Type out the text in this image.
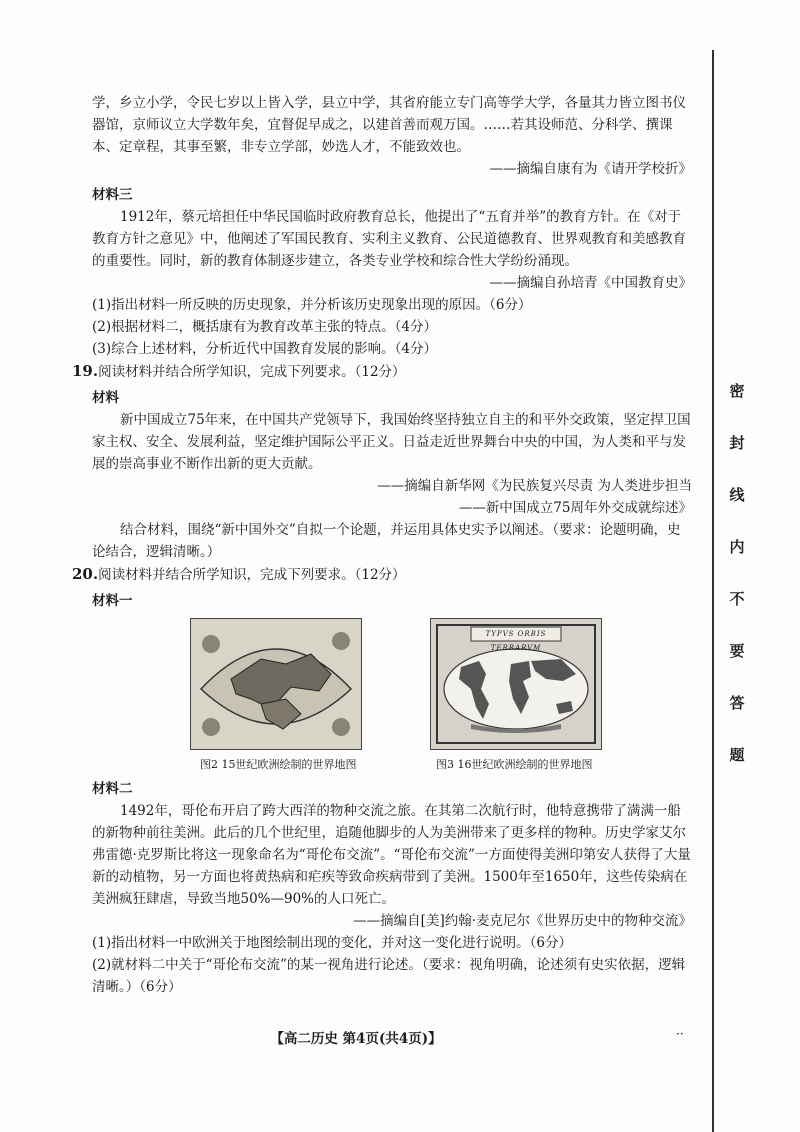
密
封
线
内
不
要
答
题

学，乡立小学，令民七岁以上皆入学，县立中学，其省府能立专门高等学大学，各量其力皆立图书仪器馆，京师议立大学数年矣，宜督促早成之，以建首善而观万国。……若其设师范、分科学、撰课本、定章程，其事至繁，非专立学部，妙选人才，不能致效也。

——摘编自康有为《请开学校折》

材料三

1912年，蔡元培担任中华民国临时政府教育总长，他提出了“五育并举”的教育方针。在《对于教育方针之意见》中，他阐述了军国民教育、实利主义教育、公民道德教育、世界观教育和美感教育的重要性。同时，新的教育体制逐步建立，各类专业学校和综合性大学纷纷涌现。

——摘编自孙培青《中国教育史》

(1)指出材料一所反映的历史现象，并分析该历史现象出现的原因。（6分）

(2)根据材料二，概括康有为教育改革主张的特点。（4分）

(3)综合上述材料，分析近代中国教育发展的影响。（4分）

19.阅读材料并结合所学知识，完成下列要求。（12分）

材料

新中国成立75年来，在中国共产党领导下，我国始终坚持独立自主的和平外交政策，坚定捍卫国家主权、安全、发展利益，坚定维护国际公平正义。日益走近世界舞台中央的中国，为人类和平与发展的崇高事业不断作出新的更大贡献。

——摘编自新华网《为民族复兴尽责 为人类进步担当

——新中国成立75周年外交成就综述》

结合材料，围绕“新中国外交”自拟一个论题，并运用具体史实予以阐述。（要求：论题明确，史论结合，逻辑清晰。）

20.阅读材料并结合所学知识，完成下列要求。（12分）

材料一

TYPVS ORBIS TERRARVM
图2 15世纪欧洲绘制的世界地图	图3 16世纪欧洲绘制的世界地图

材料二

1492年，哥伦布开启了跨大西洋的物种交流之旅。在其第二次航行时，他特意携带了满满一船的新物种前往美洲。此后的几个世纪里，追随他脚步的人为美洲带来了更多样的物种。历史学家艾尔弗雷德·克罗斯比将这一现象命名为“哥伦布交流”。“哥伦布交流”一方面使得美洲印第安人获得了大量新的动植物，另一方面也将黄热病和疟疾等致命疾病带到了美洲。1500年至1650年，这些传染病在美洲疯狂肆虐，导致当地50%—90%的人口死亡。

——摘编自[美]约翰·麦克尼尔《世界历史中的物种交流》

(1)指出材料一中欧洲关于地图绘制出现的变化，并对这一变化进行说明。（6分）

(2)就材料二中关于“哥伦布交流”的某一视角进行论述。（要求：视角明确，论述须有史实依据，逻辑清晰。）（6分）

【高二历史 第4页(共4页)】	··
